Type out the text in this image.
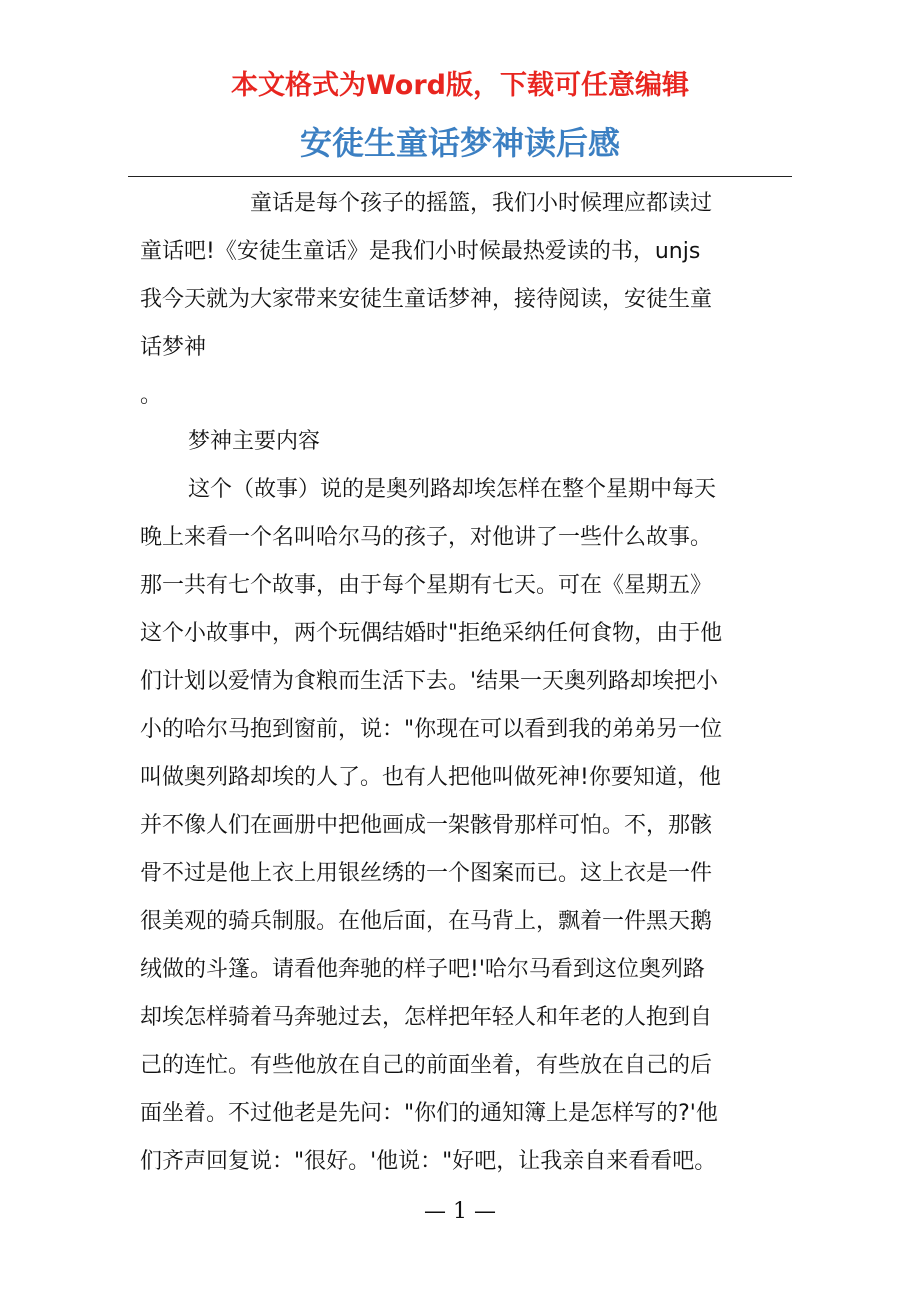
本文格式为Word版，下载可任意编辑
安徒生童话梦神读后感
童话是每个孩子的摇篮，我们小时候理应都读过
童话吧!《安徒生童话》是我们小时候最热爱读的书，unjs
我今天就为大家带来安徒生童话梦神，接待阅读，安徒生童
话梦神
。
梦神主要内容
这个（故事）说的是奥列路却埃怎样在整个星期中每天
晚上来看一个名叫哈尔马的孩子，对他讲了一些什么故事。
那一共有七个故事，由于每个星期有七天。可在《星期五》
这个小故事中，两个玩偶结婚时"拒绝采纳任何食物，由于他
们计划以爱情为食粮而生活下去。'结果一天奥列路却埃把小
小的哈尔马抱到窗前，说："你现在可以看到我的弟弟另一位
叫做奥列路却埃的人了。也有人把他叫做死神!你要知道，他
并不像人们在画册中把他画成一架骸骨那样可怕。不，那骸
骨不过是他上衣上用银丝绣的一个图案而已。这上衣是一件
很美观的骑兵制服。在他后面，在马背上，飘着一件黑天鹅
绒做的斗篷。请看他奔驰的样子吧!'哈尔马看到这位奥列路
却埃怎样骑着马奔驰过去，怎样把年轻人和年老的人抱到自
己的连忙。有些他放在自己的前面坐着，有些放在自己的后
面坐着。不过他老是先问："你们的通知簿上是怎样写的?'他
们齐声回复说："很好。'他说："好吧，让我亲自来看看吧。
— 1 —
